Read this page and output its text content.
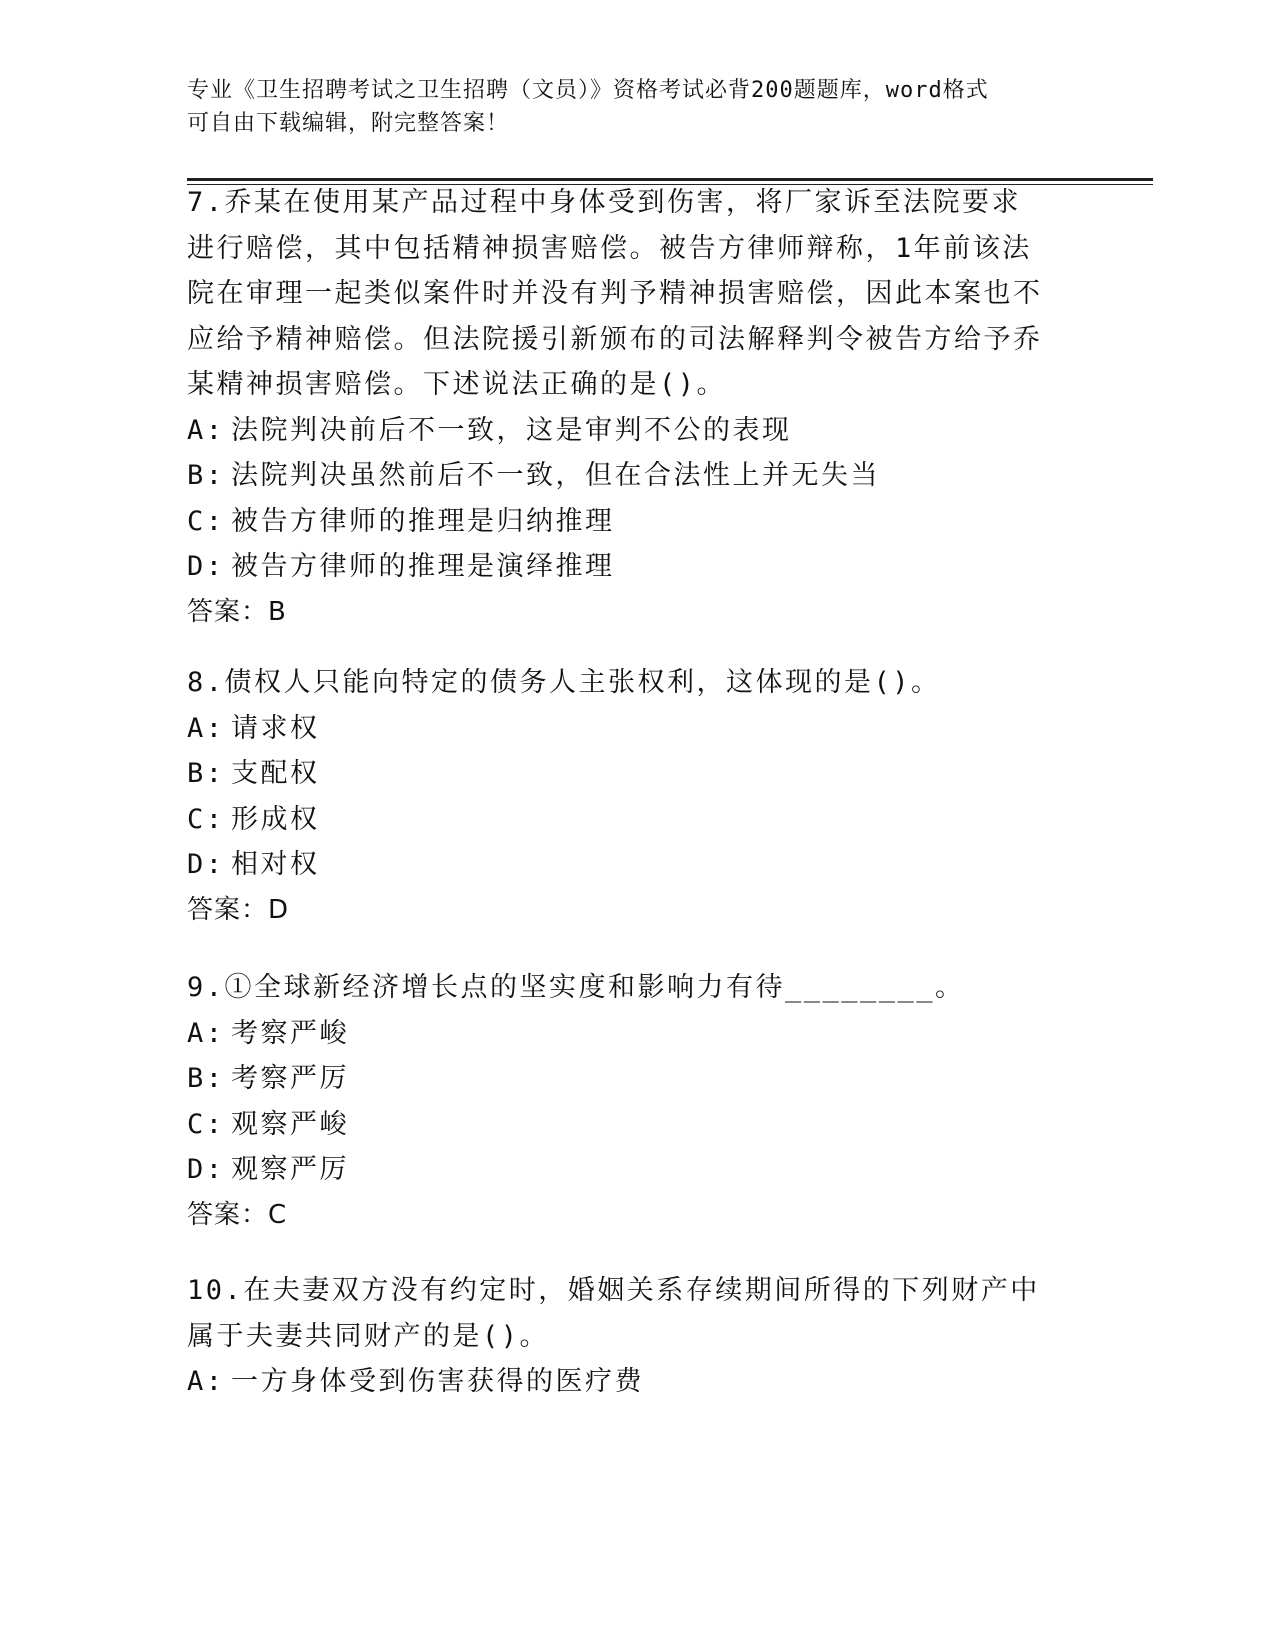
专业《卫生招聘考试之卫生招聘（文员）》资格考试必背200题题库，word格式
可自由下载编辑，附完整答案！
7.乔某在使用某产品过程中身体受到伤害，将厂家诉至法院要求进行赔偿，其中包括精神损害赔偿。被告方律师辩称，1年前该法院在审理一起类似案件时并没有判予精神损害赔偿，因此本案也不应给予精神赔偿。但法院援引新颁布的司法解释判令被告方给予乔某精神损害赔偿。下述说法正确的是()。
A: 法院判决前后不一致，这是审判不公的表现
B: 法院判决虽然前后不一致，但在合法性上并无失当
C: 被告方律师的推理是归纳推理
D: 被告方律师的推理是演绎推理
答案：B
8.债权人只能向特定的债务人主张权利，这体现的是()。
A: 请求权
B: 支配权
C: 形成权
D: 相对权
答案：D
9.①全球新经济增长点的坚实度和影响力有待________。
A: 考察严峻
B: 考察严厉
C: 观察严峻
D: 观察严厉
答案：C
10.在夫妻双方没有约定时，婚姻关系存续期间所得的下列财产中属于夫妻共同财产的是()。
A: 一方身体受到伤害获得的医疗费
